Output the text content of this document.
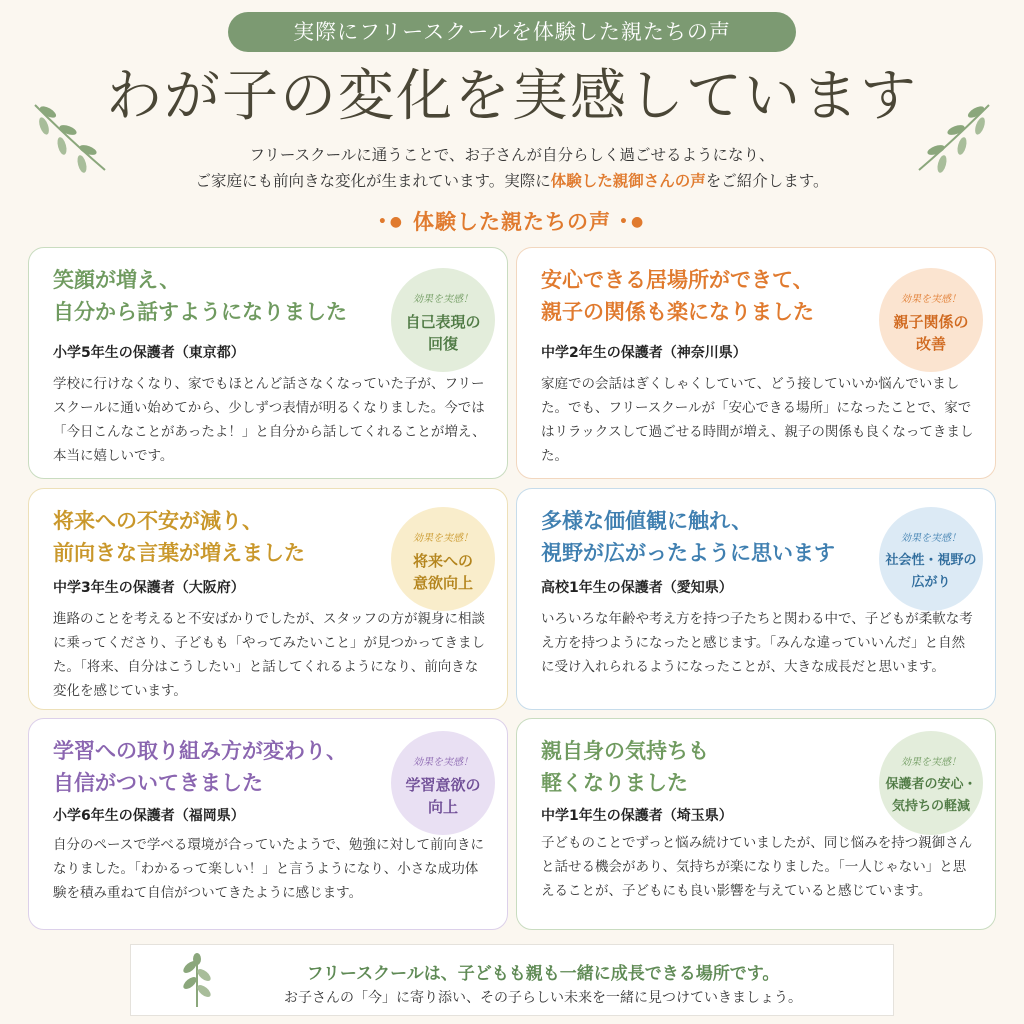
実際にフリースクールを体験した親たちの声
わが子の変化を実感しています
フリースクールに通うことで、お子さんが自分らしく過ごせるようになり、
ご家庭にも前向きな変化が生まれています。実際に体験した親御さんの声をご紹介します。
•● 体験した親たちの声 •●
笑顔が増え、
自分から話すようになりました
効果を実感！
自己表現の
回復
小学5年生の保護者（東京都）
学校に行けなくなり、家でもほとんど話さなくなっていた子が、フリースクールに通い始めてから、少しずつ表情が明るくなりました。今では「今日こんなことがあったよ！」と自分から話してくれることが増え、本当に嬉しいです。
安心できる居場所ができて、
親子の関係も楽になりました
効果を実感！
親子関係の
改善
中学2年生の保護者（神奈川県）
家庭での会話はぎくしゃくしていて、どう接していいか悩んでいました。でも、フリースクールが「安心できる場所」になったことで、家ではリラックスして過ごせる時間が増え、親子の関係も良くなってきました。
将来への不安が減り、
前向きな言葉が増えました
効果を実感！
将来への
意欲向上
中学3年生の保護者（大阪府）
進路のことを考えると不安ばかりでしたが、スタッフの方が親身に相談に乗ってくださり、子どもも「やってみたいこと」が見つかってきました。「将来、自分はこうしたい」と話してくれるようになり、前向きな変化を感じています。
多様な価値観に触れ、
視野が広がったように思います
効果を実感！
社会性・視野の
広がり
高校1年生の保護者（愛知県）
いろいろな年齢や考え方を持つ子たちと関わる中で、子どもが柔軟な考え方を持つようになったと感じます。「みんな違っていいんだ」と自然に受け入れられるようになったことが、大きな成長だと思います。
学習への取り組み方が変わり、
自信がついてきました
効果を実感！
学習意欲の
向上
小学6年生の保護者（福岡県）
自分のペースで学べる環境が合っていたようで、勉強に対して前向きになりました。「わかるって楽しい！」と言うようになり、小さな成功体験を積み重ねて自信がついてきたように感じます。
親自身の気持ちも
軽くなりました
効果を実感！
保護者の安心・
気持ちの軽減
中学1年生の保護者（埼玉県）
子どものことでずっと悩み続けていましたが、同じ悩みを持つ親御さんと話せる機会があり、気持ちが楽になりました。「一人じゃない」と思えることが、子どもにも良い影響を与えていると感じています。
フリースクールは、子どもも親も一緒に成長できる場所です。
お子さんの「今」に寄り添い、その子らしい未来を一緒に見つけていきましょう。
